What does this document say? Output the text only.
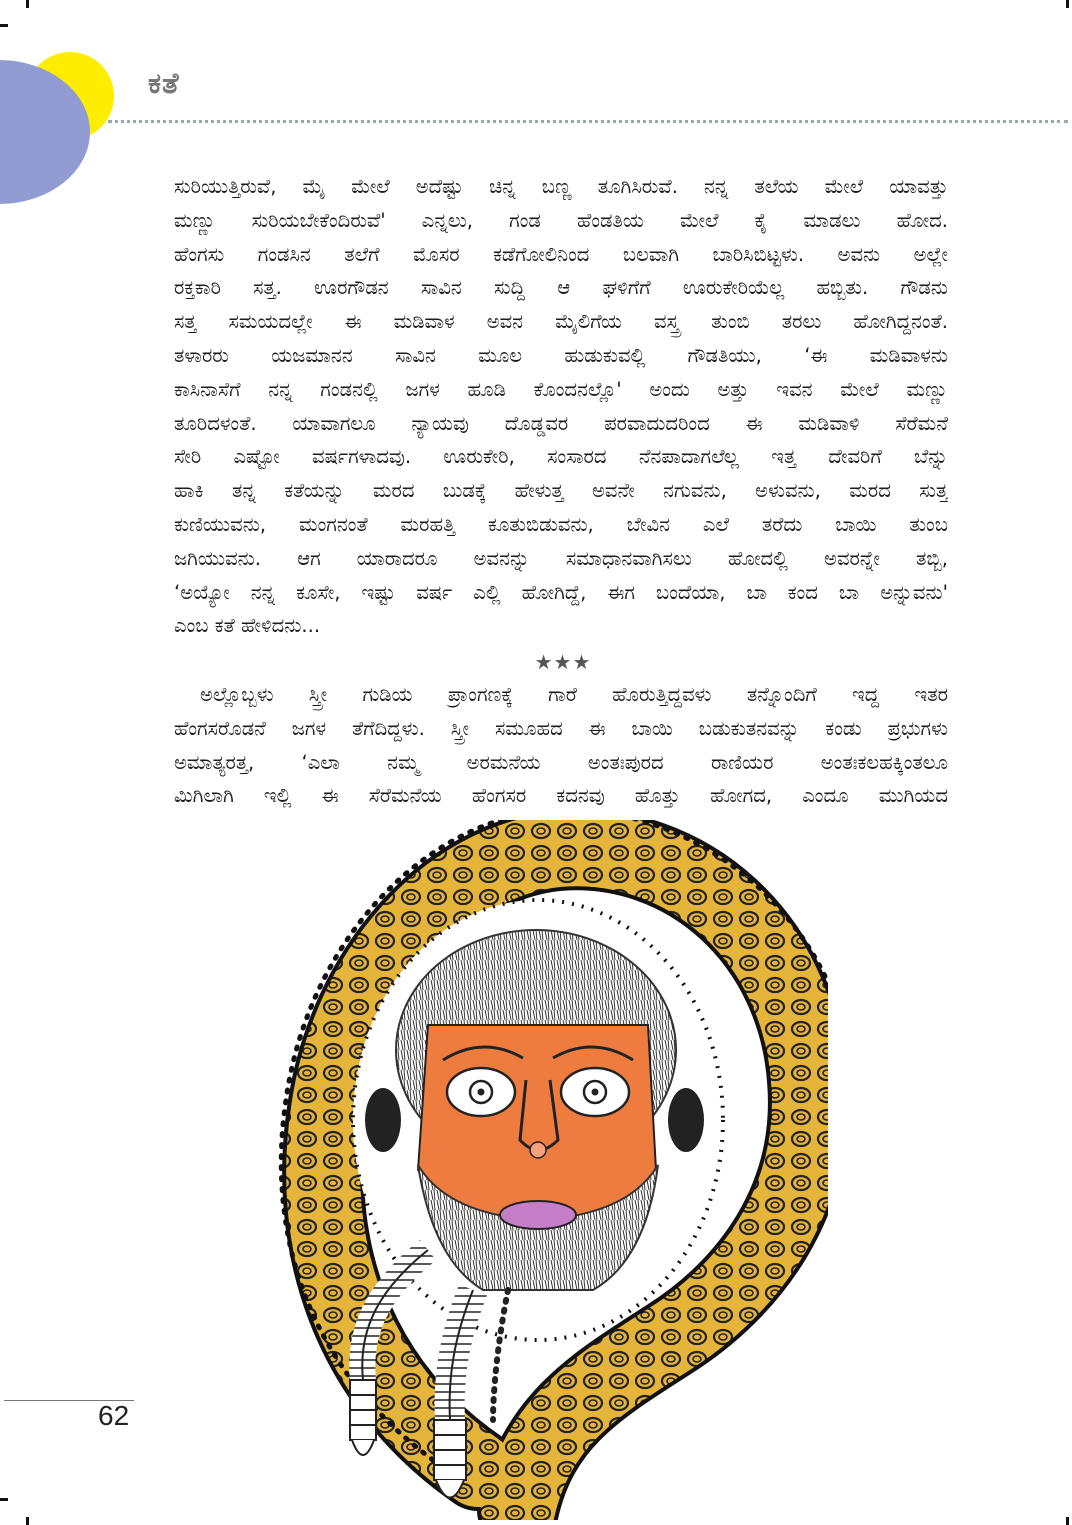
ಕತೆ
ಸುರಿಯುತ್ತಿರುವೆ, ಮೈ ಮೇಲೆ ಅದೆಷ್ಟು ಚಿನ್ನ ಬಣ್ಣ ತೂಗಿಸಿರುವೆ. ನನ್ನ ತಲೆಯ ಮೇಲೆ ಯಾವತ್ತು
ಮಣ್ಣು ಸುರಿಯಬೇಕೆಂದಿರುವೆ' ಎನ್ನಲು, ಗಂಡ ಹೆಂಡತಿಯ ಮೇಲೆ ಕೈ ಮಾಡಲು ಹೋದ.
ಹೆಂಗಸು ಗಂಡಸಿನ ತಲೆಗೆ ಮೊಸರ ಕಡೆಗೋಲಿನಿಂದ ಬಲವಾಗಿ ಬಾರಿಸಿಬಿಟ್ಟಳು. ಅವನು ಅಲ್ಲೇ
ರಕ್ತಕಾರಿ ಸತ್ತ. ಊರಗೌಡನ ಸಾವಿನ ಸುದ್ದಿ ಆ ಘಳಿಗೆಗೆ ಊರುಕೇರಿಯೆಲ್ಲ ಹಬ್ಬಿತು. ಗೌಡನು
ಸತ್ತ ಸಮಯದಲ್ಲೇ ಈ ಮಡಿವಾಳ ಅವನ ಮೈಲಿಗೆಯ ವಸ್ತ್ರ ತುಂಬಿ ತರಲು ಹೋಗಿದ್ದನಂತೆ.
ತಳಾರರು ಯಜಮಾನನ ಸಾವಿನ ಮೂಲ ಹುಡುಕುವಲ್ಲಿ ಗೌಡತಿಯು, ‘ಈ ಮಡಿವಾಳನು
ಕಾಸಿನಾಸೆಗೆ ನನ್ನ ಗಂಡನಲ್ಲಿ ಜಗಳ ಹೂಡಿ ಕೊಂದನಲ್ಲೊ' ಅಂದು ಅತ್ತು ಇವನ ಮೇಲೆ ಮಣ್ಣು
ತೂರಿದಳಂತೆ. ಯಾವಾಗಲೂ ನ್ಯಾಯವು ದೊಡ್ಡವರ ಪರವಾದುದರಿಂದ ಈ ಮಡಿವಾಳಿ ಸೆರೆಮನೆ
ಸೇರಿ ಎಷ್ಟೋ ವರ್ಷಗಳಾದವು. ಊರುಕೇರಿ, ಸಂಸಾರದ ನೆನಪಾದಾಗಲೆಲ್ಲ ಇತ್ತ ದೇವರಿಗೆ ಬೆನ್ನು
ಹಾಕಿ ತನ್ನ ಕತೆಯನ್ನು ಮರದ ಬುಡಕ್ಕೆ ಹೇಳುತ್ತ ಅವನೇ ನಗುವನು, ಅಳುವನು, ಮರದ ಸುತ್ತ
ಕುಣಿಯುವನು, ಮಂಗನಂತೆ ಮರಹತ್ತಿ ಕೂತುಬಿಡುವನು, ಬೇವಿನ ಎಲೆ ತರೆದು ಬಾಯಿ ತುಂಬ
ಜಗಿಯುವನು. ಆಗ ಯಾರಾದರೂ ಅವನನ್ನು ಸಮಾಧಾನವಾಗಿಸಲು ಹೋದಲ್ಲಿ ಅವರನ್ನೇ ತಬ್ಬಿ,
‘ಅಯ್ಯೋ ನನ್ನ ಕೂಸೇ, ಇಷ್ಟು ವರ್ಷ ಎಲ್ಲಿ ಹೋಗಿದ್ದೆ, ಈಗ ಬಂದೆಯಾ, ಬಾ ಕಂದ ಬಾ ಅನ್ನುವನು'
ಎಂಬ ಕತೆ ಹೇಳಿದನು...
★★★
ಅಲ್ಲೊಬ್ಬಳು ಸ್ತ್ರೀ ಗುಡಿಯ ಪ್ರಾಂಗಣಕ್ಕೆ ಗಾರೆ ಹೊರುತ್ತಿದ್ದವಳು ತನ್ನೊಂದಿಗೆ ಇದ್ದ ಇತರ
ಹೆಂಗಸರೊಡನೆ ಜಗಳ ತೆಗೆದಿದ್ದಳು. ಸ್ತ್ರೀ ಸಮೂಹದ ಈ ಬಾಯಿ ಬಡುಕುತನವನ್ನು ಕಂಡು ಪ್ರಭುಗಳು
ಅಮಾತ್ಯರತ್ತ, ‘ಎಲಾ ನಮ್ಮ ಅರಮನೆಯ ಅಂತಃಪುರದ ರಾಣಿಯರ ಅಂತಃಕಲಹಕ್ಕಿಂತಲೂ
ಮಿಗಿಲಾಗಿ ಇಲ್ಲಿ ಈ ಸೆರೆಮನೆಯ ಹೆಂಗಸರ ಕದನವು ಹೊತ್ತು ಹೋಗದ, ಎಂದೂ ಮುಗಿಯದ
62
